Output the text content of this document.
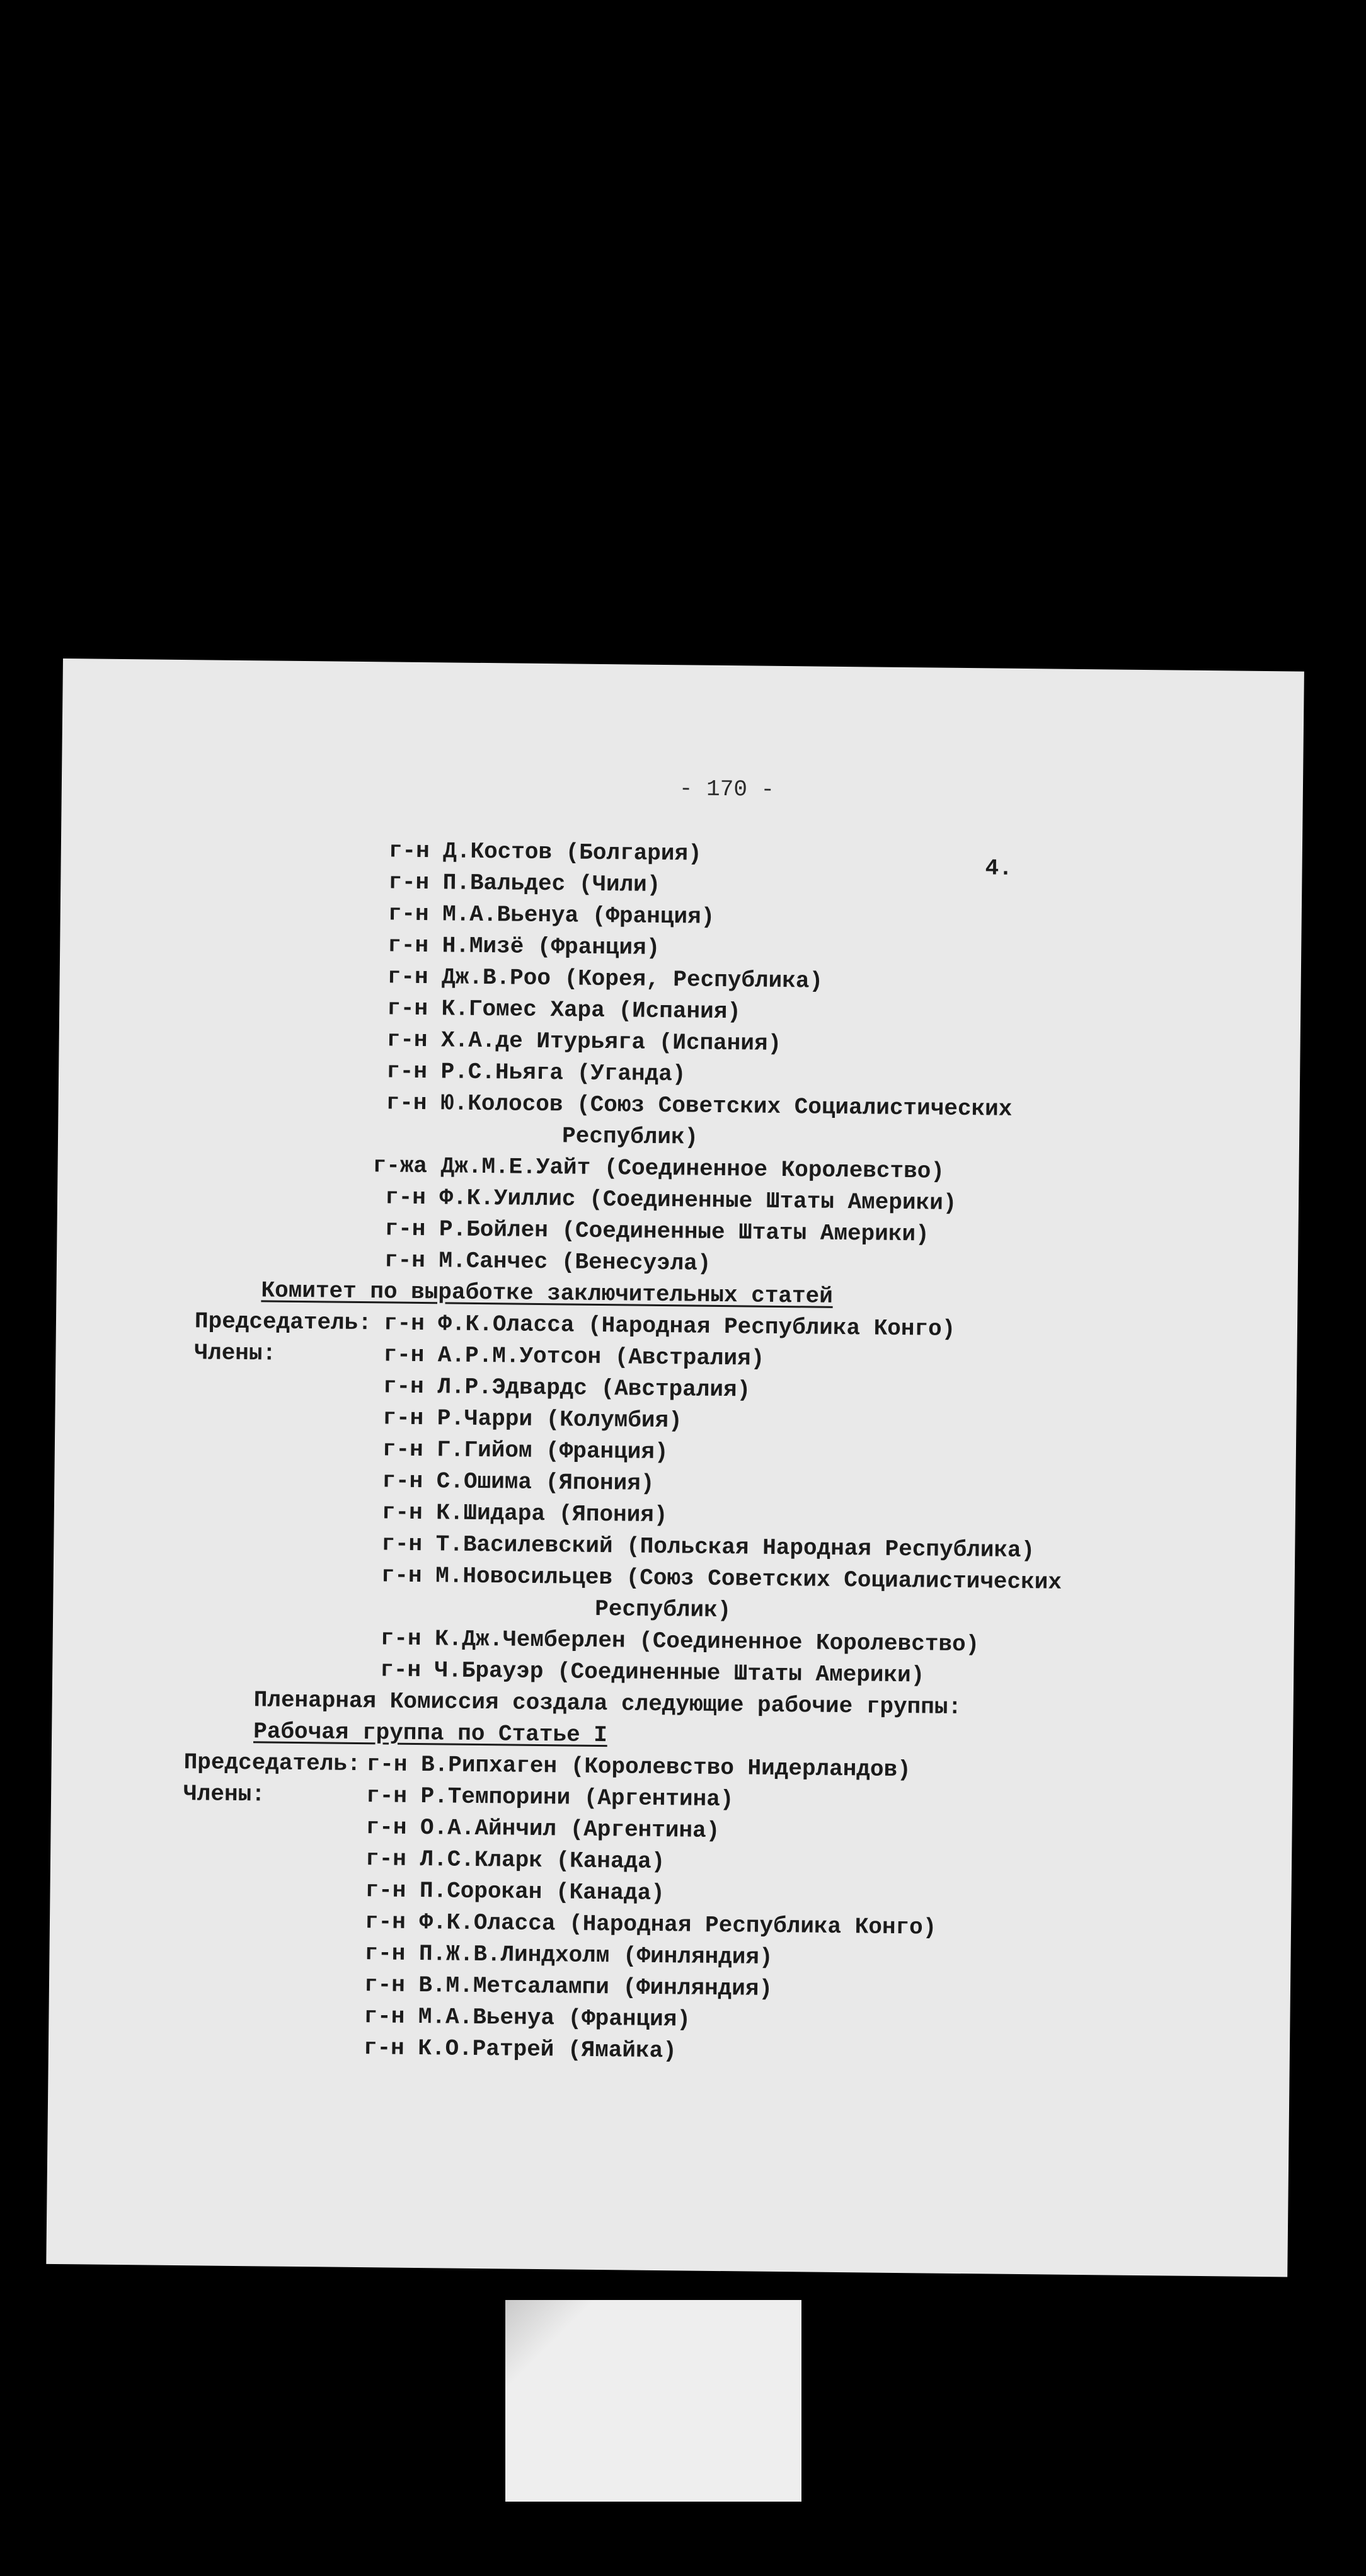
- 170 -
4.
г-н Д.Костов (Болгария)
г-н П.Вальдес (Чили)
г-н М.А.Вьенуа (Франция)
г-н Н.Мизё (Франция)
г-н Дж.В.Роо (Корея, Республика)
г-н К.Гомес Хара (Испания)
г-н Х.А.де Итурьяга (Испания)
г-н Р.С.Ньяга (Уганда)
г-н Ю.Колосов (Союз Советских Социалистических
Республик)
г-жа Дж.М.Е.Уайт (Соединенное Королевство)
г-н Ф.К.Уиллис (Соединенные Штаты Америки)
г-н Р.Бойлен (Соединенные Штаты Америки)
г-н М.Санчес (Венесуэла)
Комитет по выработке заключительных статей
Председатель: г-н Ф.К.Оласса (Народная Республика Конго)
Члены:	г-н А.Р.М.Уотсон (Австралия)
г-н Л.Р.Эдвардс (Австралия)
г-н Р.Чарри (Колумбия)
г-н Г.Гийом (Франция)
г-н С.Ошима (Япония)
г-н К.Шидара (Япония)
г-н Т.Василевский (Польская Народная Республика)
г-н М.Новосильцев (Союз Советских Социалистических
Республик)
г-н К.Дж.Чемберлен (Соединенное Королевство)
г-н Ч.Брауэр (Соединенные Штаты Америки)
Пленарная Комиссия создала следующие рабочие группы:
Рабочая группа по Статье I
Председатель: г-н В.Рипхаген (Королевство Нидерландов)
Члены:	г-н Р.Темпорини (Аргентина)
г-н О.А.Айнчил (Аргентина)
г-н Л.С.Кларк (Канада)
г-н П.Сорокан (Канада)
г-н Ф.К.Оласса (Народная Республика Конго)
г-н П.Ж.В.Линдхолм (Финляндия)
г-н В.М.Метсалампи (Финляндия)
г-н М.А.Вьенуа (Франция)
г-н К.О.Ратрей (Ямайка)
